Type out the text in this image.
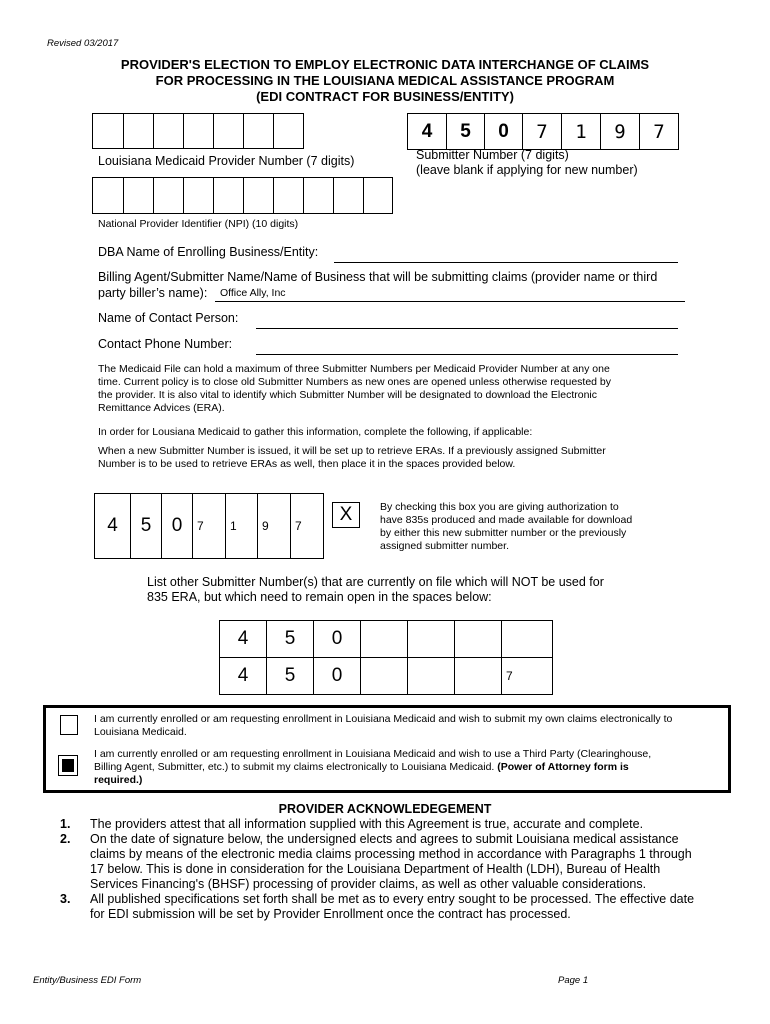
Revised 03/2017
PROVIDER'S ELECTION TO EMPLOY ELECTRONIC DATA INTERCHANGE OF CLAIMS
FOR PROCESSING IN THE LOUISIANA MEDICAL ASSISTANCE PROGRAM
(EDI CONTRACT FOR BUSINESS/ENTITY)
Louisiana Medicaid Provider Number (7 digits)
4	5	0	7	1	9	7
Submitter Number (7 digits)
(leave blank if applying for new number)
National Provider Identifier (NPI) (10 digits)
DBA Name of Enrolling Business/Entity:
Billing Agent/Submitter Name/Name of Business that will be submitting claims (provider name or third
party biller’s name): Office Ally, Inc
Name of Contact Person:
Contact Phone Number:
The Medicaid File can hold a maximum of three Submitter Numbers per Medicaid Provider Number at any one
time. Current policy is to close old Submitter Numbers as new ones are opened unless otherwise requested by
the provider. It is also vital to identify which Submitter Number will be designated to download the Electronic
Remittance Advices (ERA).
In order for Lousiana Medicaid to gather this information, complete the following, if applicable:
When a new Submitter Number is issued, it will be set up to retrieve ERAs. If a previously assigned Submitter
Number is to be used to retrieve ERAs as well, then place it in the spaces provided below.
4	5	0	7	1	9	7
X	By checking this box you are giving authorization to
have 835s produced and made available for download
by either this new submitter number or the previously
assigned submitter number.
List other Submitter Number(s) that are currently on file which will NOT be used for
835 ERA, but which need to remain open in the spaces below:
4	5	0				
4	5	0				7
I am currently enrolled or am requesting enrollment in Louisiana Medicaid and wish to submit my own claims electronically to
Louisiana Medicaid.
I am currently enrolled or am requesting enrollment in Louisiana Medicaid and wish to use a Third Party (Clearinghouse,
Billing Agent, Submitter, etc.) to submit my claims electronically to Louisiana Medicaid. (Power of Attorney form is
required.)
PROVIDER ACKNOWLEDEGEMENT
1. The providers attest that all information supplied with this Agreement is true, accurate and complete.
2. On the date of signature below, the undersigned elects and agrees to submit Louisiana medical assistance
claims by means of the electronic media claims processing method in accordance with Paragraphs 1 through
17 below. This is done in consideration for the Louisiana Department of Health (LDH), Bureau of Health
Services Financing's (BHSF) processing of provider claims, as well as other valuable considerations.
3. All published specifications set forth shall be met as to every entry sought to be processed. The effective date
for EDI submission will be set by Provider Enrollment once the contract has processed.
Entity/Business EDI Form	Page 1
